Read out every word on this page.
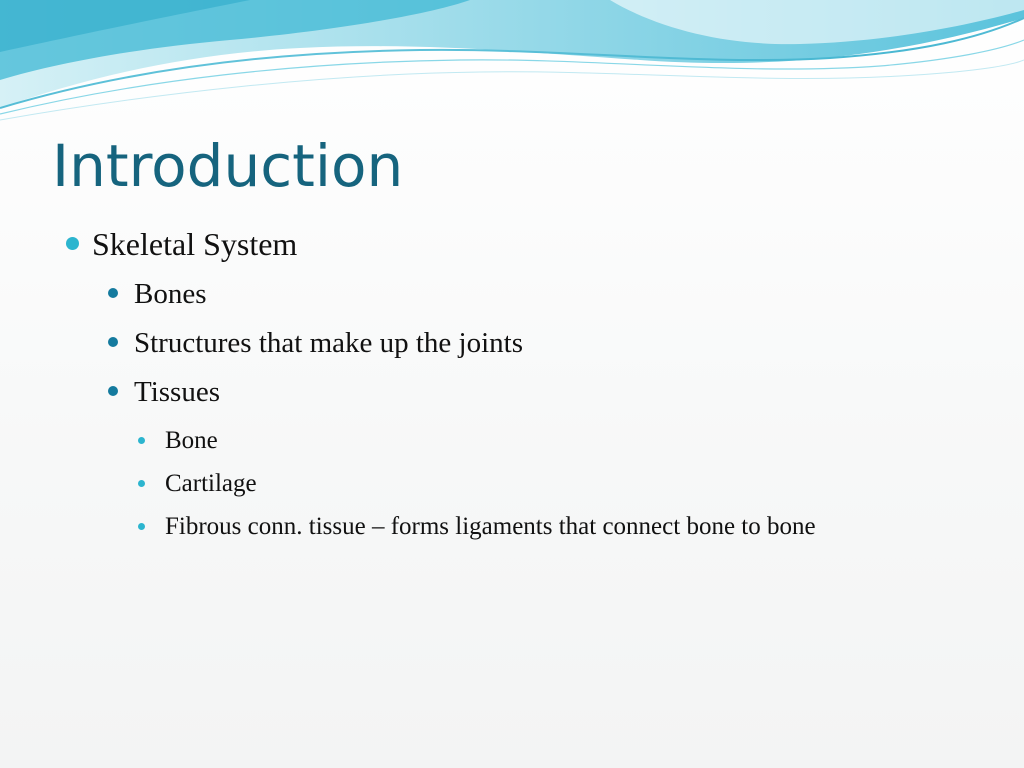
Introduction
Skeletal System
Bones
Structures that make up the joints
Tissues
Bone
Cartilage
Fibrous conn. tissue – forms ligaments that connect bone to bone
